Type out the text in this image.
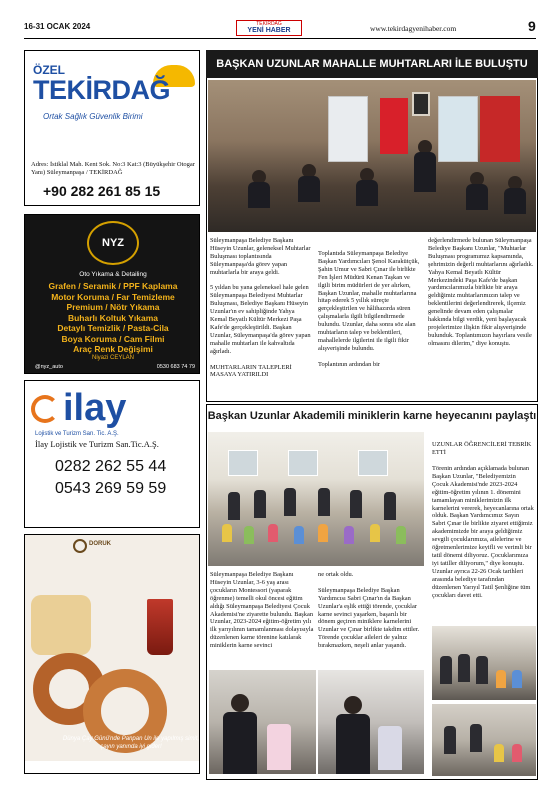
16-31 OCAK 2024	TEKİRDAĞ
YENİ HABER	www.tekirdagyenihaber.com	9
ÖZEL
TEKİRDAĞ
Ortak Sağlık Güvenlik Birimi
Adres: İstiklal Mah. Kent Sok. No:3 Kat:3 (Büyükşehir Otogar Yanı) Süleymanpaşa / TEKİRDAĞ
+90 282 261 85 15
NYZ
Oto Yıkama & Detailing
Grafen / Seramik / PPF Kaplama
Motor Koruma / Far Temizleme
Premium / Nötr Yıkama
Buharlı Koltuk Yıkama
Detaylı Temizlik / Pasta-Cila
Boya Koruma / Cam Filmi
Araç Renk Değişimi
Niyazi CEYLAN
@nyz_auto	0530 683 74 79
ilay
Lojistik ve Turizm San. Tic. A.Ş.
İlay Lojistik ve Turizm San.Tic.A.Ş.
0282 262 55 44
0543 269 59 59
DORUK
Dünya Çay Günü'nde Panpan Un ile yapılmış simit, çayın yanında iyi gider!
BAŞKAN UZUNLAR MAHALLE MUHTARLARI İLE BULUŞTU
Süleymanpaşa Belediye Başkanı Hüseyin Uzunlar, geleneksel Muhtarlar Buluşması toplantısında Süleymanpaşa'da görev yapan muhtarlarla bir araya geldi.

5 yıldan bu yana geleneksel hale gelen Süleymanpaşa Belediyesi Muhtarlar Buluşması, Belediye Başkanı Hüseyin Uzunlar'ın ev sahipliğinde Yahya Kemal Beyatlı Kültür Merkezi Paşa Kafe'de gerçekleştirildi. Başkan Uzunlar, Süleymanpaşa'da görev yapan mahalle muhtarları ile kahvaltıda ağırladı.

MUHTARLARIN TALEPLERİ MASAYA YATIRILDI
Toplantıda Süleymanpaşa Belediye Başkan Yardımcıları Şenol Karakütçük, Şahin Umur ve Sabri Çınar ile birlikte Fen İşleri Müdürü Kenan Taşkan ve ilgili birim müdürleri de yer alırken, Başkan Uzunlar, mahalle muhtarlarına hitap ederek 5 yıllık süreçte gerçekleştirilen ve hâlihazırda süren çalışmalarla ilgili bilgilendirmede bulundu. Uzunlar, daha sonra söz alan muhtarların talep ve beklentileri, mahallelerde ilgilerini ile ilgili fikir alışverişinde bulundu.

Toplantının ardından bir
değerlendirmede bulunan Süleymanpaşa Belediye Başkanı Uzunlar, "Muhtarlar Buluşması programımız kapsamında, şehrimizin değerli muhtarlarını ağırladık. Yahya Kemal Beyatlı Kültür Merkezindeki Paşa Kafe'de başkan yardımcılarımızla birlikte bir araya geldiğimiz muhtarlarımızın talep ve beklentilerini değerlendirerek, ilçemiz genelinde devam eden çalışmalar hakkında bilgi verdik, yeni başlayacak projelerimize ilişkin fikir alışverişinde bulunduk. Toplantımızın hayırlara vesile olmasını dilerim," diye konuştu.
Başkan Uzunlar Akademili miniklerin karne heyecanını paylaştı
Süleymanpaşa Belediye Başkanı Hüseyin Uzunlar, 3-6 yaş arası çocukların Montessori (yaparak öğrenme) temelli okul öncesi eğitim aldığı Süleymanpaşa Belediyesi Çocuk Akademisi'ne ziyarette bulundu. Başkan Uzunlar, 2023-2024 eğitim-öğretim yılı ilk yarıyılının tamamlanması dolayısıyla düzenlenen karne törenine katılarak miniklerin karne sevinci
ne ortak oldu.

Süleymanpaşa Belediye Başkan Yardımcısı Sabri Çınar'ın da Başkan Uzunlar'a eşlik ettiği törende, çocuklar karne sevinci yaşarken, başarılı bir dönem geçiren miniklere karnelerini Uzunlar ve Çınar birlikte takdim ettiler. Törende çocuklar aileleri de yalnız bırakmazken, neşeli anlar yaşandı.
UZUNLAR ÖĞRENCİLERİ TEBRİK ETTİ
Törenin ardından açıklamada bulunan Başkan Uzunlar, "Belediyemizin Çocuk Akademisi'nde 2023-2024 eğitim-öğretim yılının 1. dönemini tamamlayan miniklerimizin ilk karnelerini vererek, heyecanlarına ortak olduk. Başkan Yardımcımız Sayın Sabri Çınar ile birlikte ziyaret ettiğimiz akademimizde bir araya geldiğimiz sevgili çocuklarımıza, ailelerine ve öğretmenlerimize keyifli ve verimli bir tatil dönemi diliyoruz. Çocuklarımıza iyi tatiller diliyorum," diye konuştu. Uzunlar ayrıca 22-26 Ocak tarihleri arasında belediye tarafından düzenlenen Yarıyıl Tatil Şenliğine tüm çocukları davet etti.
